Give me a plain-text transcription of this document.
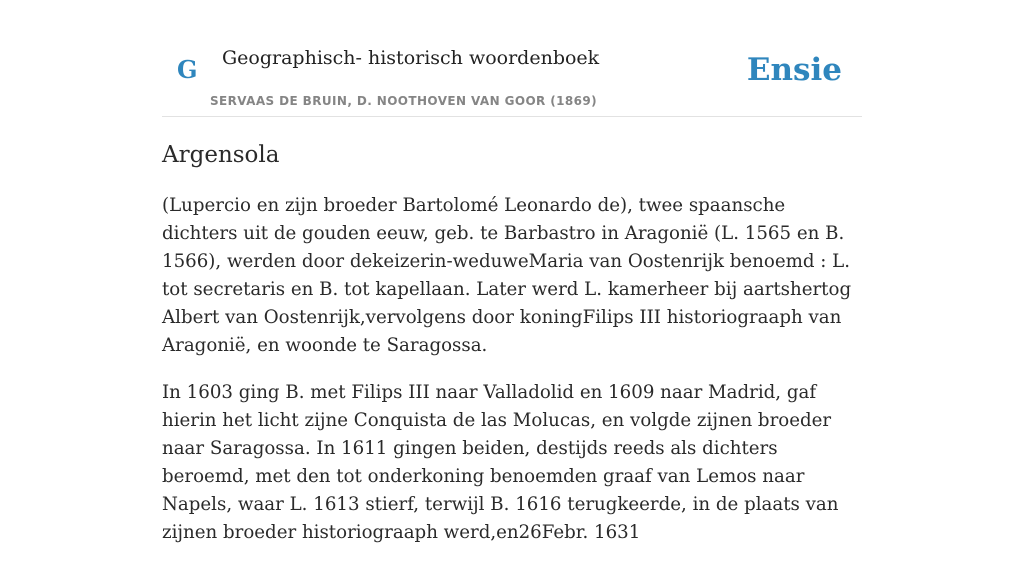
G Geographisch- historisch woordenboek
SERVAAS DE BRUIN, D. NOOTHOVEN VAN GOOR (1869)
Ensie
Argensola

(Lupercio en zijn broeder Bartolomé Leonardo de), twee spaansche dichters uit de gouden eeuw, geb. te Barbastro in Aragonië (L. 1565 en B. 1566), werden door dekeizerin-weduweMaria van Oostenrijk benoemd : L. tot secretaris en B. tot kapellaan. Later werd L. kamerheer bij aartshertog Albert van Oostenrijk,vervolgens door koningFilips III historiograaph van Aragonië, en woonde te Saragossa.

In 1603 ging B. met Filips III naar Valladolid en 1609 naar Madrid, gaf hierin het licht zijne Conquista de las Molucas, en volgde zijnen broeder naar Saragossa. In 1611 gingen beiden, destijds reeds als dichters beroemd, met den tot onderkoning benoemden graaf van Lemos naar Napels, waar L. 1613 stierf, terwijl B. 1616 terugkeerde, in de plaats van zijnen broeder historiograaph werd,en26Febr. 1631
